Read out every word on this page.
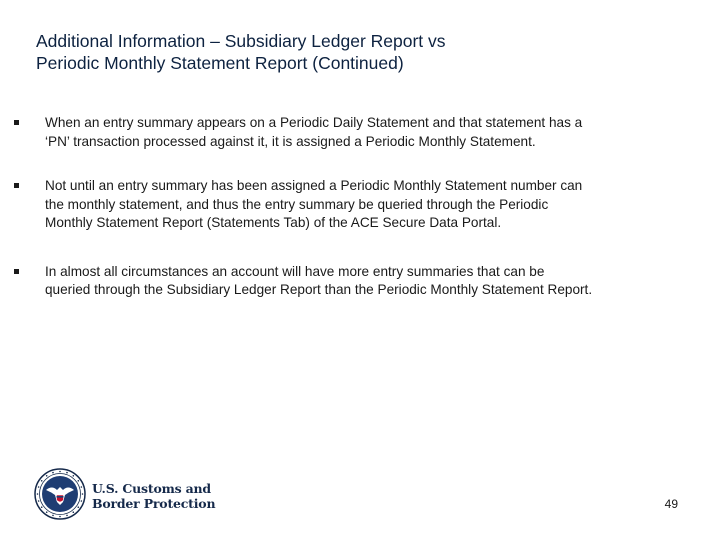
Additional Information – Subsidiary Ledger Report vs
Periodic Monthly Statement Report (Continued)
When an entry summary appears on a Periodic Daily Statement and that statement has a
‘PN’ transaction processed against it, it is assigned a Periodic Monthly Statement.
Not until an entry summary has been assigned a Periodic Monthly Statement number can
the monthly statement, and thus the entry summary be queried through the Periodic
Monthly Statement Report (Statements Tab) of the ACE Secure Data Portal.
In almost all circumstances an account will have more entry summaries that can be
queried through the Subsidiary Ledger Report than the Periodic Monthly Statement Report.
U.S. Customs and
Border Protection	49
